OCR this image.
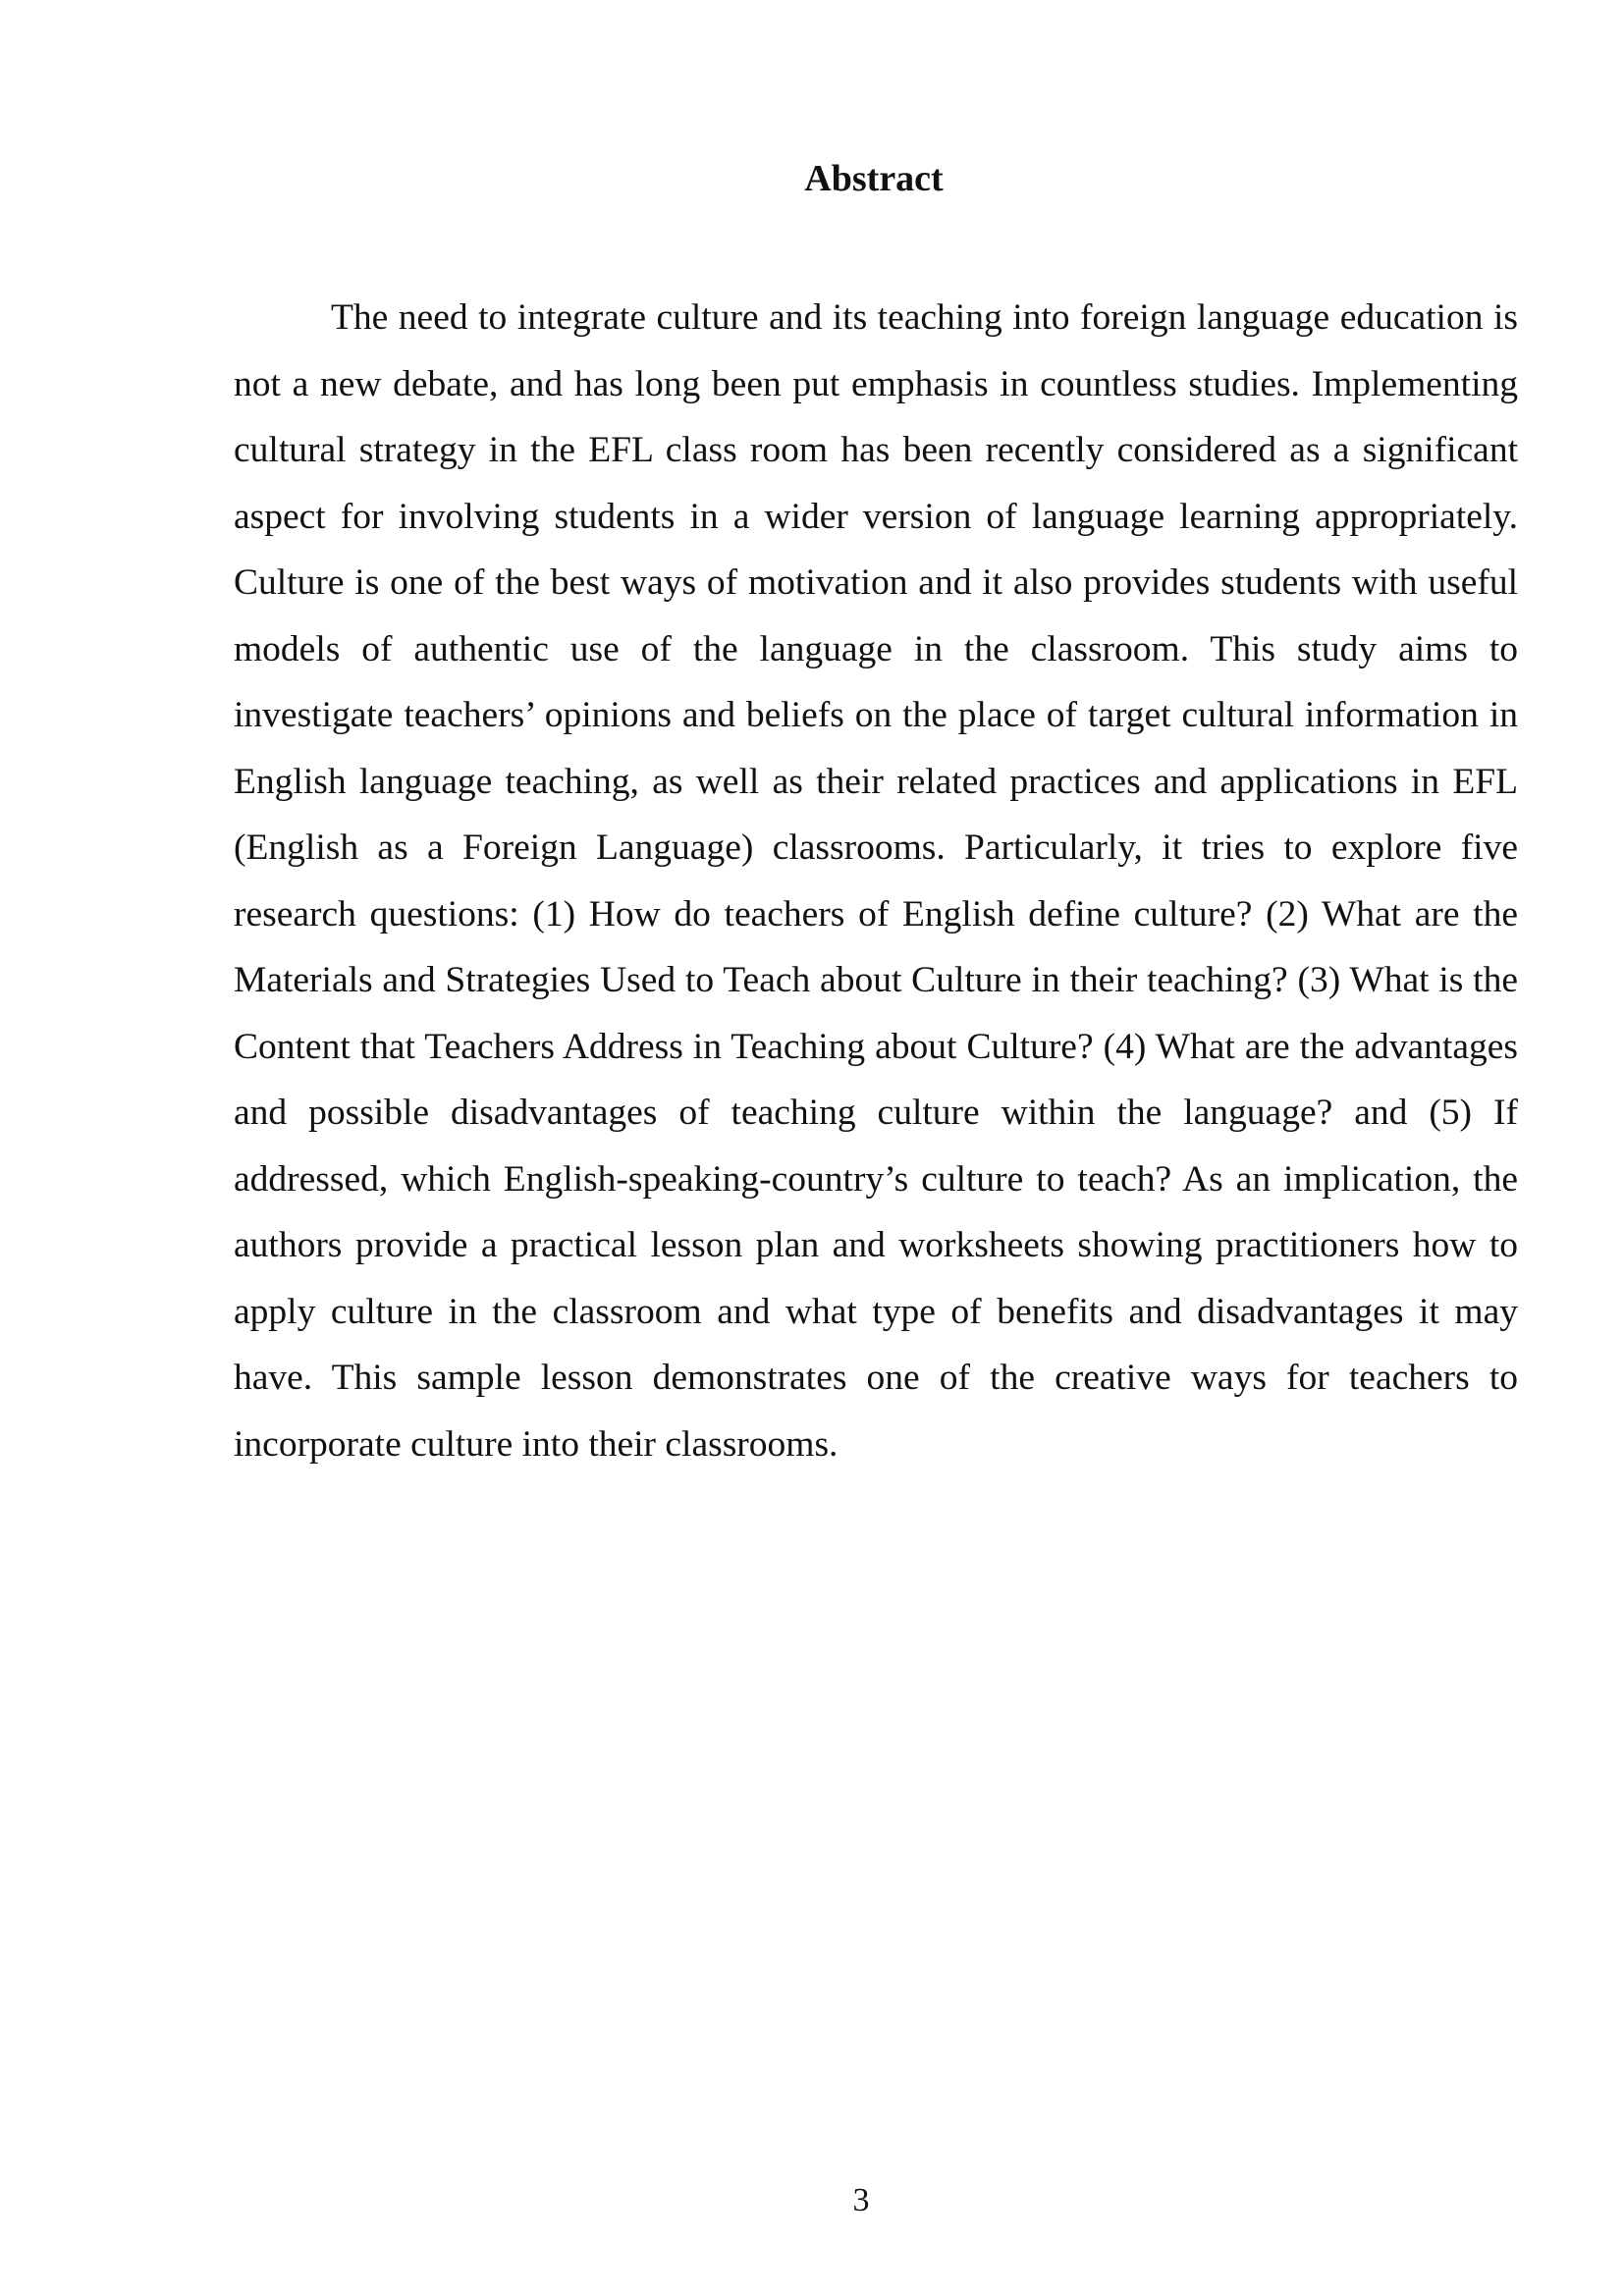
Abstract

The need to integrate culture and its teaching into foreign language education is not a new debate, and has long been put emphasis in countless studies. Implementing cultural strategy in the EFL class room has been recently considered as a significant aspect for involving students in a wider version of language learning appropriately. Culture is one of the best ways of motivation and it also provides students with useful models of authentic use of the language in the classroom. This study aims to investigate teachers’ opinions and beliefs on the place of target cultural information in English language teaching, as well as their related practices and applications in EFL (English as a Foreign Language) classrooms. Particularly, it tries to explore five research questions: (1) How do teachers of English define culture? (2) What are the Materials and Strategies Used to Teach about Culture in their teaching? (3) What is the Content that Teachers Address in Teaching about Culture? (4) What are the advantages and possible disadvantages of teaching culture within the language? and (5) If addressed, which English-speaking-country’s culture to teach? As an implication, the authors provide a practical lesson plan and worksheets showing practitioners how to apply culture in the classroom and what type of benefits and disadvantages it may have. This sample lesson demonstrates one of the creative ways for teachers to incorporate culture into their classrooms.

3
